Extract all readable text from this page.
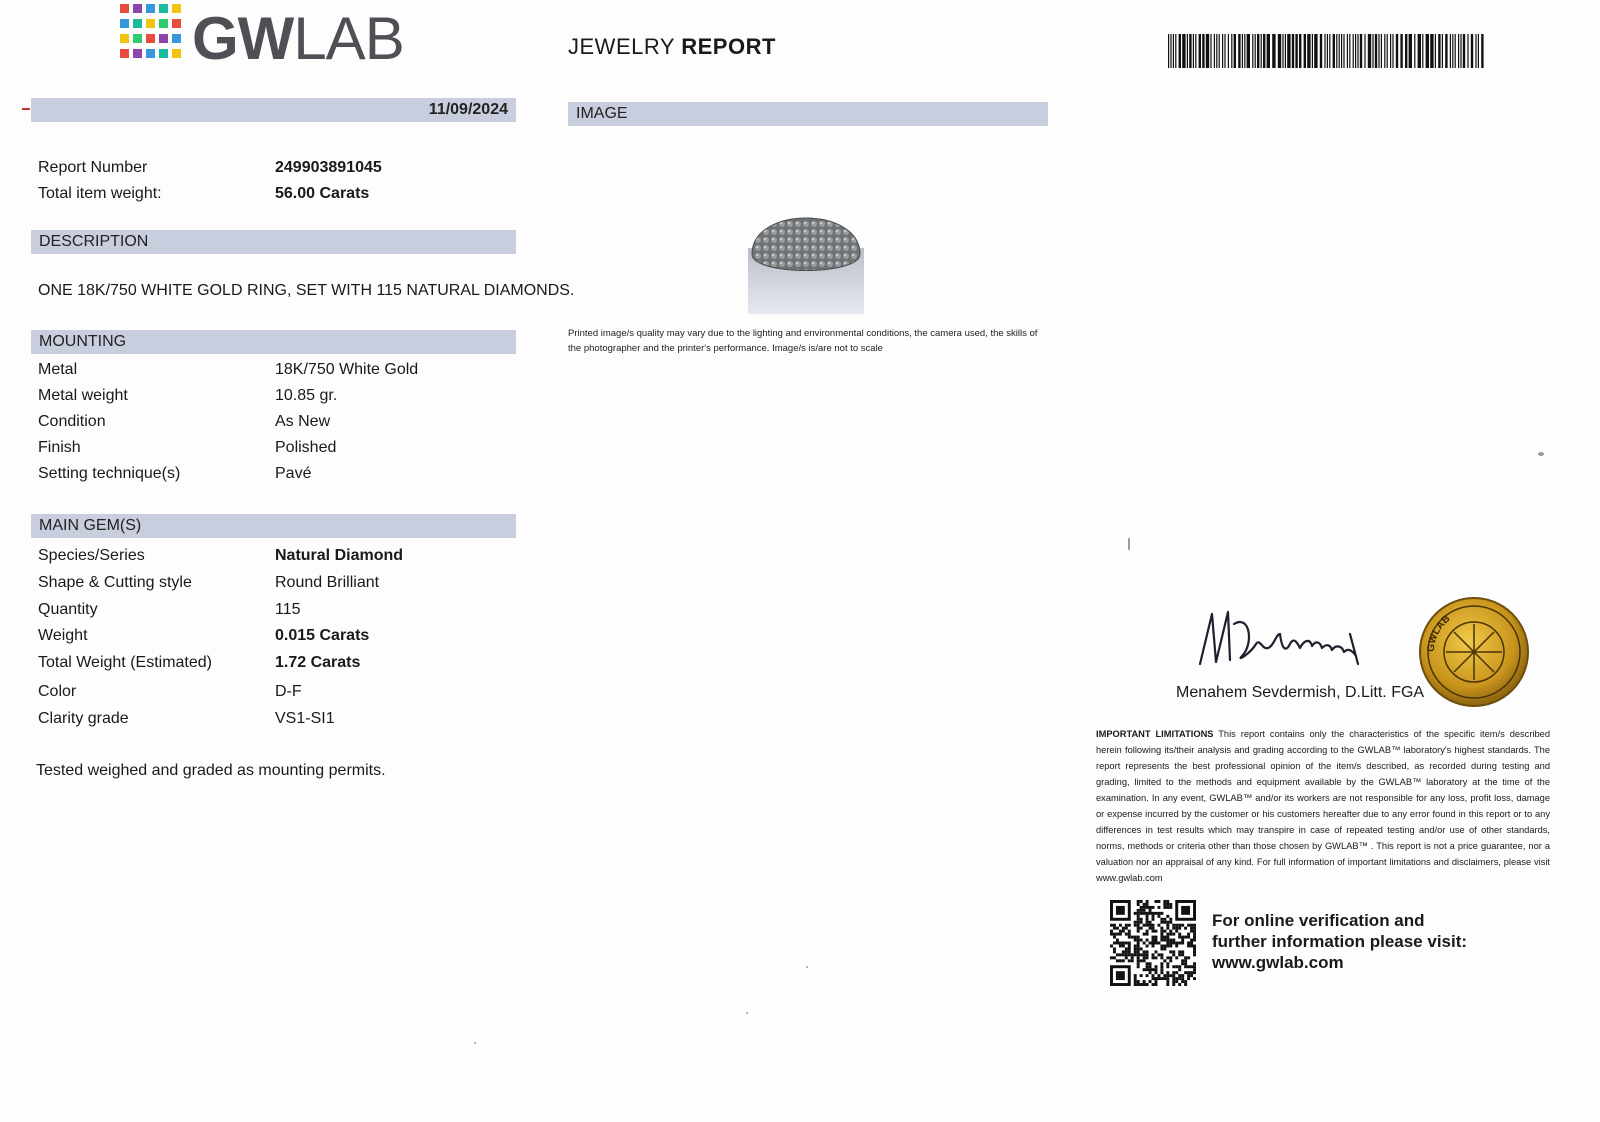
GWLAB	JEWELRY REPORT
11/09/2024
Report Number	249903891045
Total item weight:	56.00 Carats
DESCRIPTION
ONE 18K/750 WHITE GOLD RING, SET WITH 115 NATURAL DIAMONDS.
MOUNTING
Metal	18K/750 White Gold
Metal weight	10.85 gr.
Condition	As New
Finish	Polished
Setting technique(s)	Pavé
MAIN GEM(S)
Species/Series	Natural Diamond
Shape & Cutting style	Round Brilliant
Quantity	115
Weight	0.015 Carats
Total Weight (Estimated)	1.72 Carats
Color	D-F
Clarity grade	VS1-SI1
Tested weighed and graded as mounting permits.
IMAGE
Printed image/s quality may vary due to the lighting and environmental conditions, the camera used, the skills of the photographer and the printer's performance. Image/s is/are not to scale
Menahem Sevdermish, D.Litt. FGA
GWLAB
IMPORTANT LIMITATIONS This report contains only the characteristics of the specific item/s described herein following its/their analysis and grading according to the GWLAB™ laboratory's highest standards. The report represents the best professional opinion of the item/s described, as recorded during testing and grading, limited to the methods and equipment available by the GWLAB™ laboratory at the time of the examination. In any event, GWLAB™ and/or its workers are not responsible for any loss, profit loss, damage or expense incurred by the customer or his customers hereafter due to any error found in this report or to any differences in test results which may transpire in case of repeated testing and/or use of other standards, norms, methods or criteria other than those chosen by GWLAB™ . This report is not a price guarantee, nor a valuation nor an appraisal of any kind. For full information of important limitations and disclaimers, please visit www.gwlab.com
For online verification and
further information please visit:
www.gwlab.com
